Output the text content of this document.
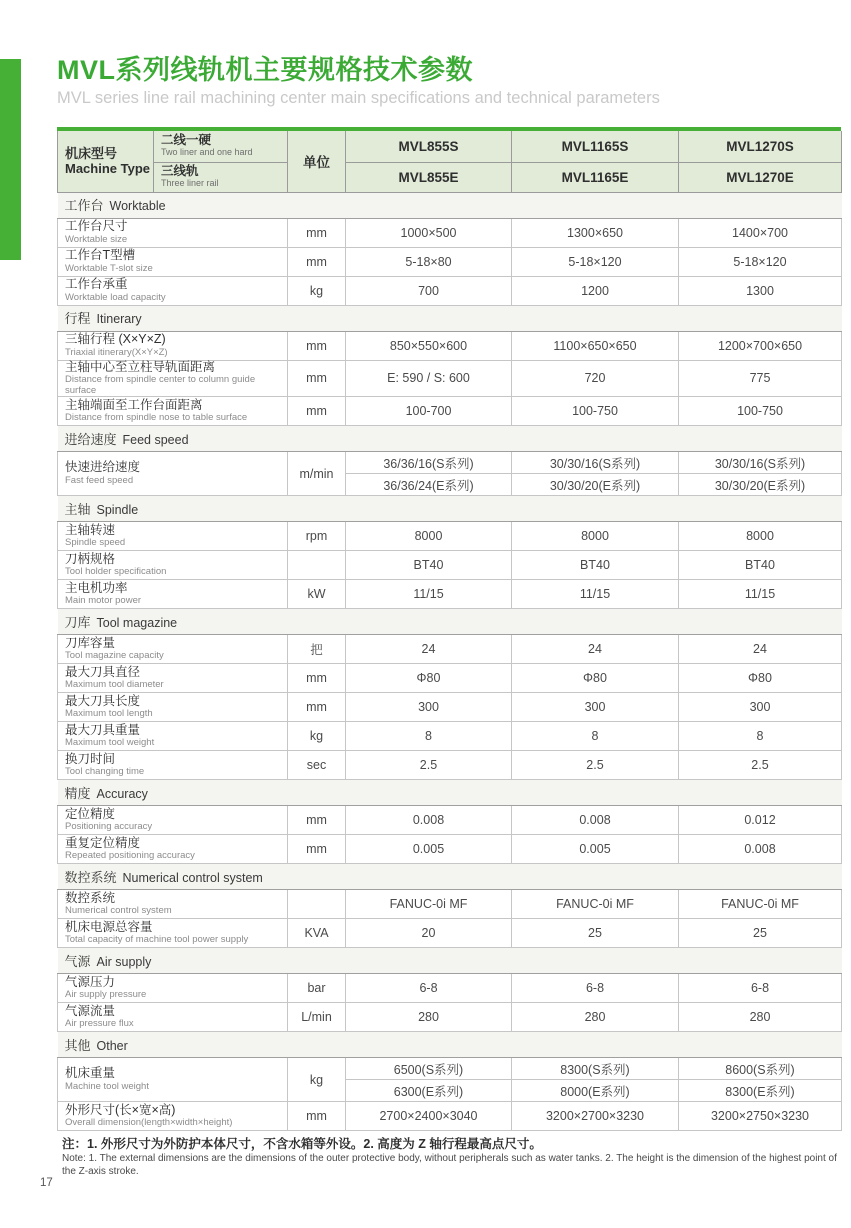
MVL系列线轨机主要规格技术参数
MVL series line rail machining center main specifications and technical parameters
机床型号
Machine Type

二线一硬
Two liner and one hard
	单位	MVL855S	MVL1165S	MVL1270S

	三线轨
Three liner rail		MVL855E	MVL1165E	MVL1270E
工作台 Worktable					

工作台尺寸
Worktable size		mm	1000×500	1300×650	1400×700

工作台T型槽
Worktable T-slot size		mm	5-18×80	5-18×120	5-18×120

工作台承重
Worktable load capacity		kg	700	1200	1300
行程 Itinerary					

三轴行程 (X×Y×Z)
Triaxial itinerary(X×Y×Z)		mm	850×550×600	1100×650×650	1200×700×650

主轴中心至立柱导轨面距离
Distance from spindle center to column guide surface		mm	E: 590 / S: 600	720	775

主轴端面至工作台面距离
Distance from spindle nose to table surface		mm	100-700	100-750	100-750
进给速度 Feed speed					

快速进给速度
Fast feed speed		m/min	36/36/16(S系列)	30/30/16(S系列)	30/30/16(S系列)
			36/36/24(E系列)	30/30/20(E系列)	30/30/20(E系列)
主轴 Spindle					

主轴转速
Spindle speed		rpm	8000	8000	8000

刀柄规格
Tool holder specification			BT40	BT40	BT40

主电机功率
Main motor power		kW	11/15	11/15	11/15
刀库 Tool magazine					

刀库容量
Tool magazine capacity		把	24	24	24

最大刀具直径
Maximum tool diameter		mm	Φ80	Φ80	Φ80

最大刀具长度
Maximum tool length		mm	300	300	300

最大刀具重量
Maximum tool weight		kg	8	8	8

换刀时间
Tool changing time		sec	2.5	2.5	2.5
精度 Accuracy					

定位精度
Positioning accuracy		mm	0.008	0.008	0.012

重复定位精度
Repeated positioning accuracy		mm	0.005	0.005	0.008
数控系统 Numerical control system					

数控系统
Numerical control system			FANUC-0i MF	FANUC-0i MF	FANUC-0i MF

机床电源总容量
Total capacity of machine tool power supply		KVA	20	25	25
气源 Air supply					

气源压力
Air supply pressure		bar	6-8	6-8	6-8

气源流量
Air pressure flux		L/min	280	280	280
其他 Other					

机床重量
Machine tool weight		kg	6500(S系列)	8300(S系列)	8600(S系列)
			6300(E系列)	8000(E系列)	8300(E系列)

外形尺寸(长×宽×高)
Overall dimension(length×width×height)		mm	2700×2400×3040	3200×2700×3230	3200×2750×3230
注：1. 外形尺寸为外防护本体尺寸，不含水箱等外设。2. 高度为 Z 轴行程最高点尺寸。
Note: 1. The external dimensions are the dimensions of the outer protective body, without peripherals such as water tanks. 2. The height is the dimension of the highest point of the Z-axis stroke.
17
